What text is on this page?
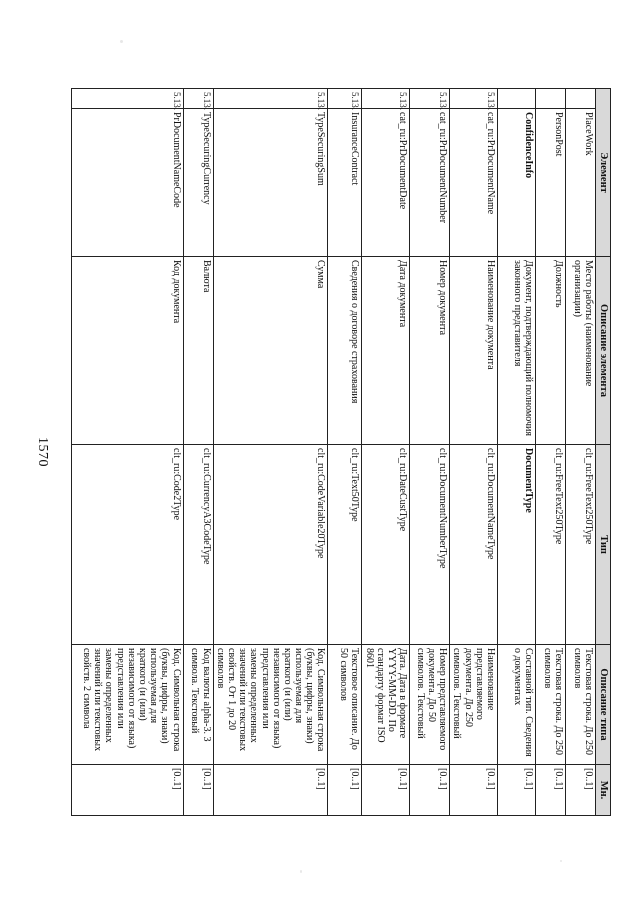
1570
Элемент		Описание элемента	Тип	Описание типа	Мн.
	PlaceWork	Место работы (наименование организации)	clt_ru:FreeText250Type	Текстовая строка. До 250 символов	[0..1]
	PersonPost	Должность	clt_ru:FreeText250Type	Текстовая строка. До 250 символов	[0..1]
	ConfidenceInfo	Документ, подтверждающий полномочия законного представителя	DocumentType	Составной тип. Сведения о документах	[0..1]
5.13.	cat_ru:PrDocumentName	Наименование документа	clt_ru:DocumentNameType	Наименование представляемого документа. До 250 символов. Текстовый	[0..1]
5.13.	cat_ru:PrDocumentNumber	Номер документа	clt_ru:DocumentNumberType	Номер представляемого документа. До 50 символов. Текстовый	[0..1]
5.13.	cat_ru:PrDocumentDate	Дата документа	clt_ru:DateCustType	Дата. Дата в формате YYYY-MM-DD. По стандарту формат ISO 8601	[0..1]
5.13.	InsuranceContract	Сведения о договоре страхования	clt_ru:Text50Type	Текстовое описание. До 50 символов	[0..1]
5.13.	TypeSecuringSum	Сумма	clt_ru:CodeVariable20Type	Код. Символьная строка (буквы, цифры, знаки) используемая для краткого (и (или) независимого от языка) представления или замены определенных значений или текстовых свойств. От 1 до 20 символов	[0..1]
5.13.	TypeSecuringCurrency	Валюта	clt_ru:CurrencyA3CodeType	Код валюты alpha-3. 3 символа. Текстовый	[0..1]
5.13.	PrDocumentNameCode	Код документа	clt_ru:Code2Type	Код. Символьная строка (буквы, цифры, знаки) используемая для краткого (и (или) независимого от языка) представления или замены определенных значений или текстовых свойств. 2 символа	[0..1]
